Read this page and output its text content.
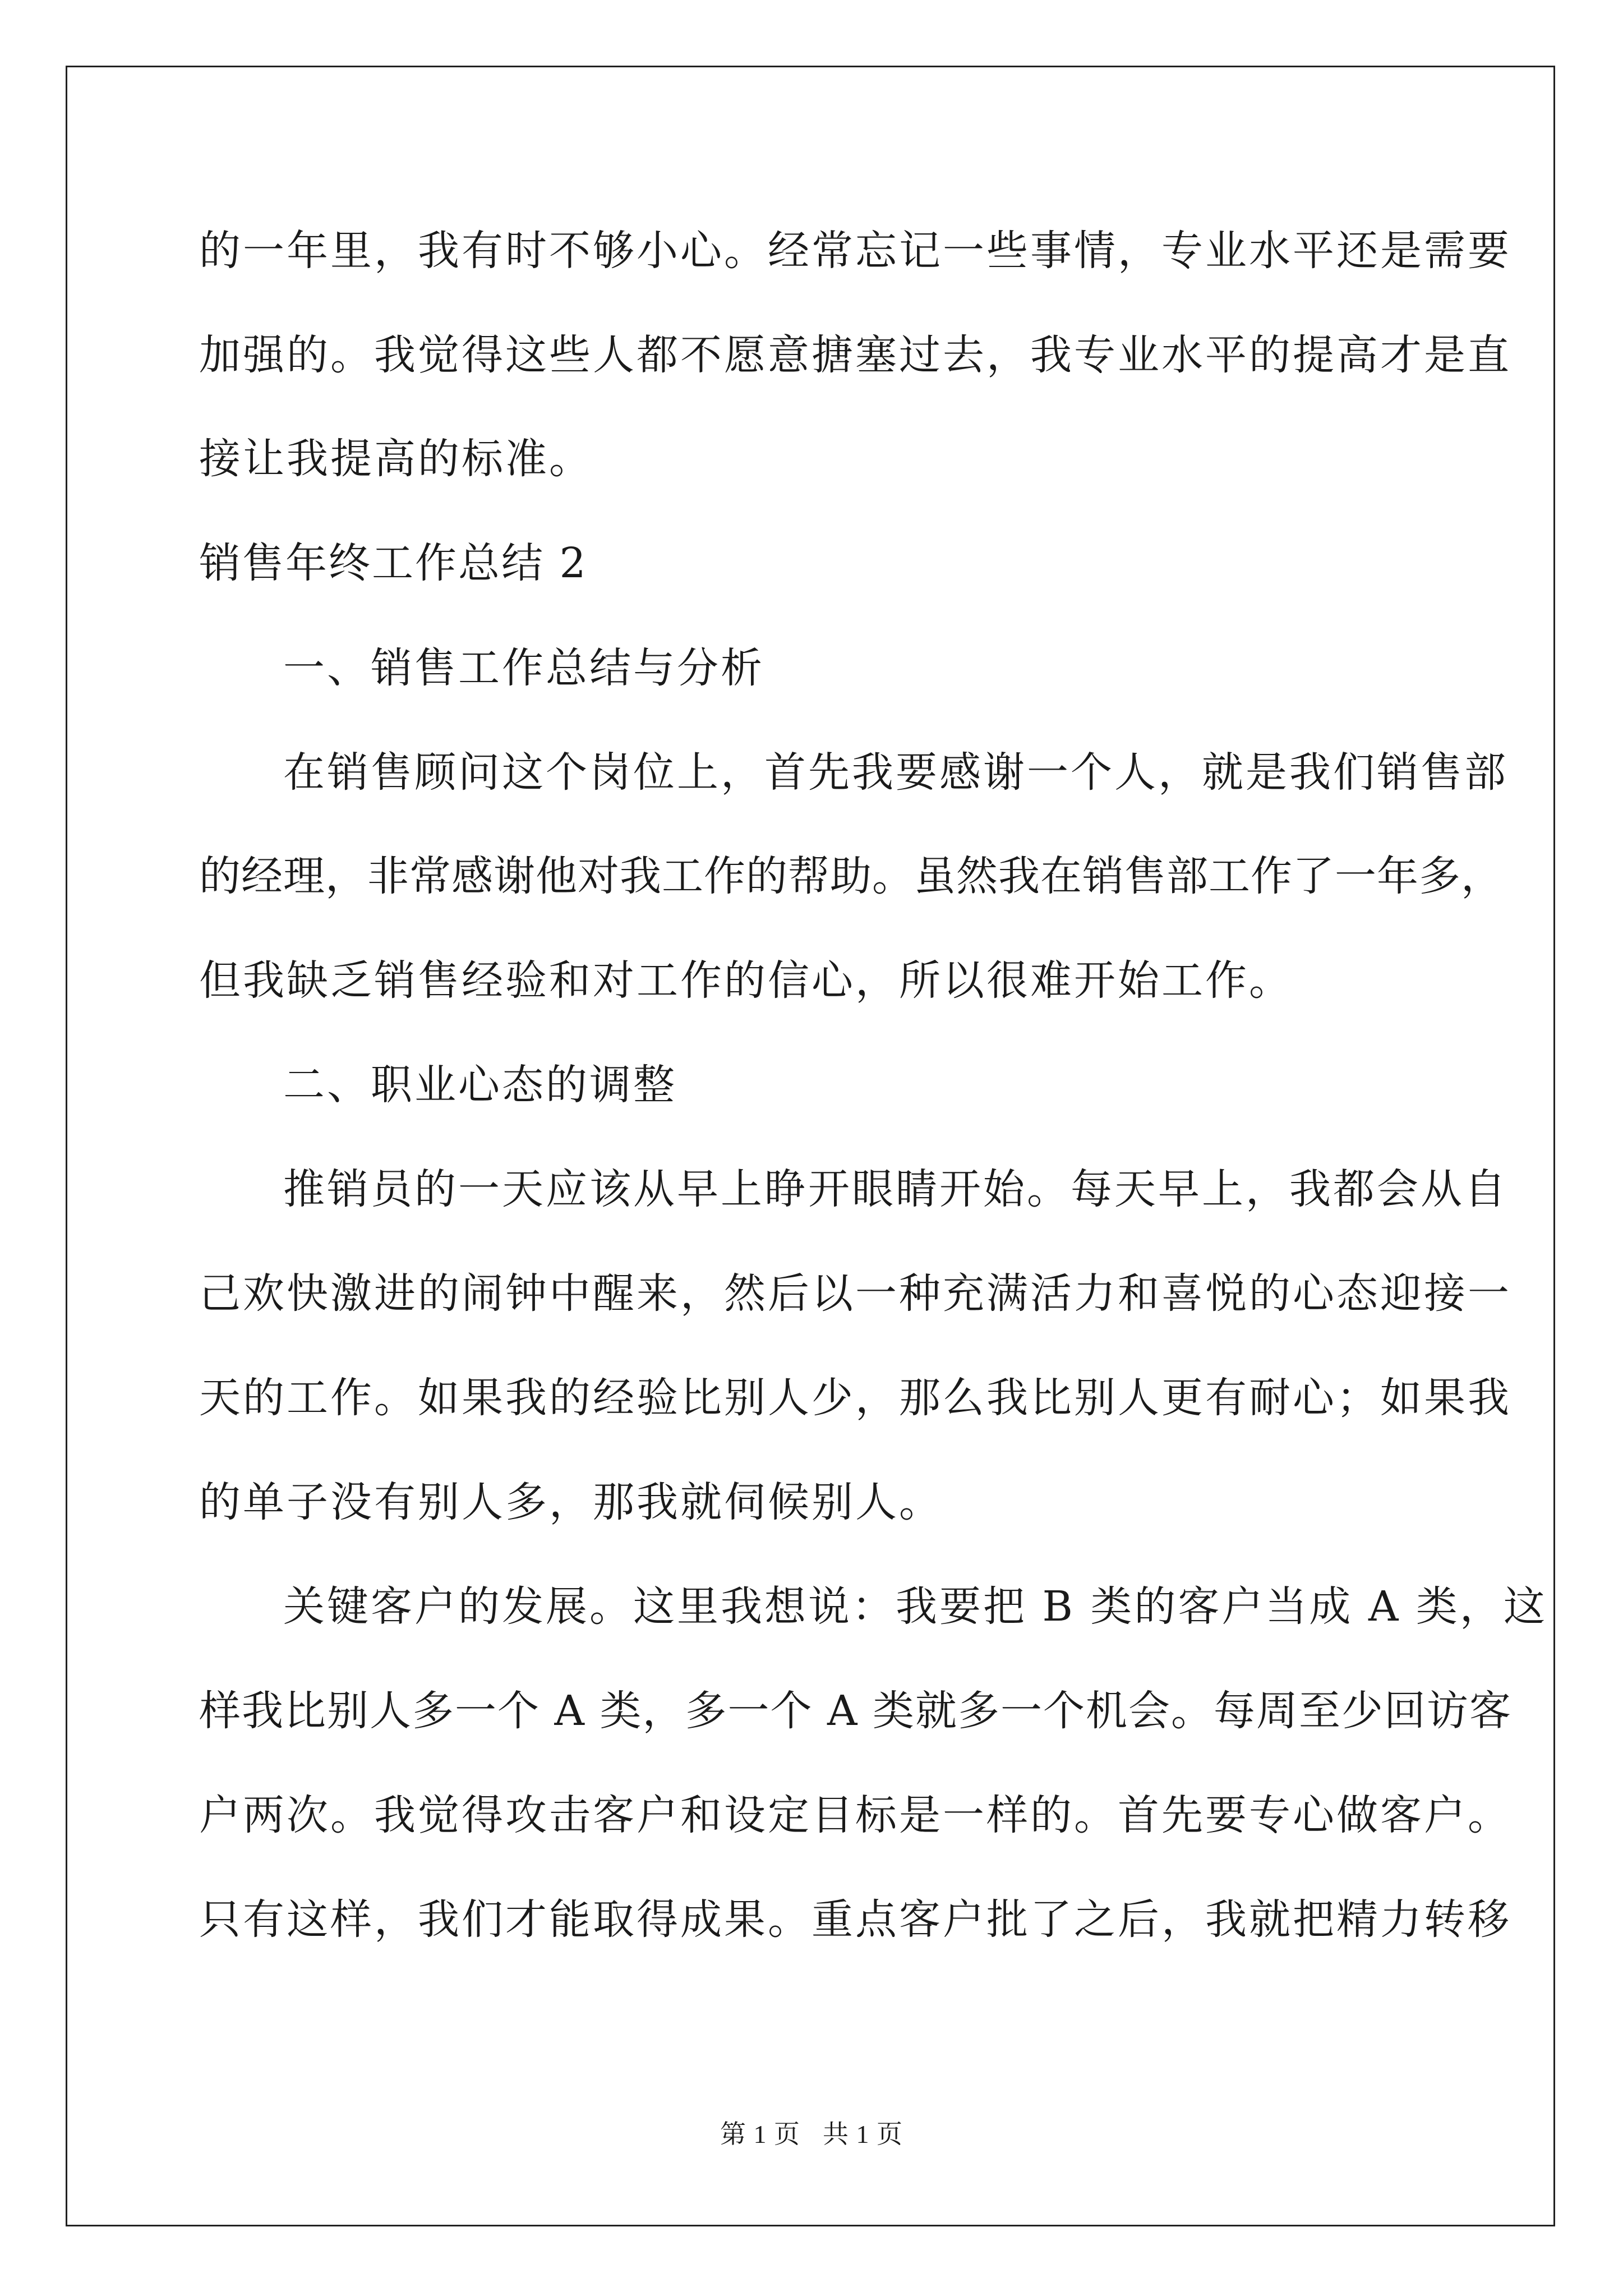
的一年里，我有时不够小心。经常忘记一些事情，专业水平还是需要
加强的。我觉得这些人都不愿意搪塞过去，我专业水平的提高才是直
接让我提高的标准。
销售年终工作总结 2
一、销售工作总结与分析
在销售顾问这个岗位上，首先我要感谢一个人，就是我们销售部
的经理，非常感谢他对我工作的帮助。虽然我在销售部工作了一年多，
但我缺乏销售经验和对工作的信心，所以很难开始工作。
二、职业心态的调整
推销员的一天应该从早上睁开眼睛开始。每天早上，我都会从自
己欢快激进的闹钟中醒来，然后以一种充满活力和喜悦的心态迎接一
天的工作。如果我的经验比别人少，那么我比别人更有耐心；如果我
的单子没有别人多，那我就伺候别人。
关键客户的发展。这里我想说：我要把 B 类的客户当成 A 类，这
样我比别人多一个 A 类，多一个 A 类就多一个机会。每周至少回访客
户两次。我觉得攻击客户和设定目标是一样的。首先要专心做客户。
只有这样，我们才能取得成果。重点客户批了之后，我就把精力转移
第 1 页 共 1 页
